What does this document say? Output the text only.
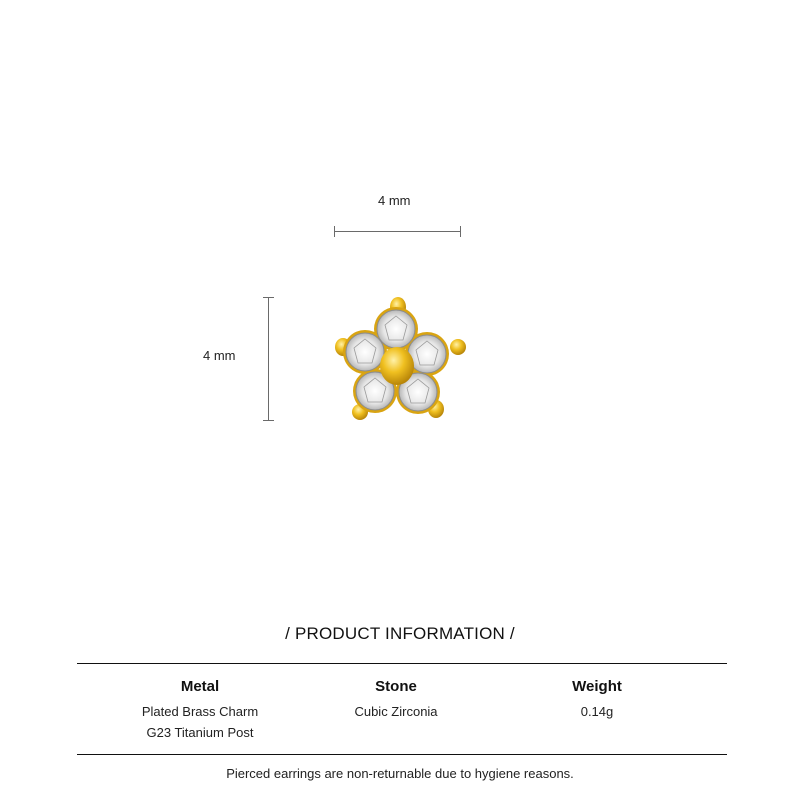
4 mm
4 mm
/ PRODUCT INFORMATION /
Metal
Plated Brass Charm
G23 Titanium Post
Stone
Cubic Zirconia
Weight
0.14g
Pierced earrings are non-returnable due to hygiene reasons.
